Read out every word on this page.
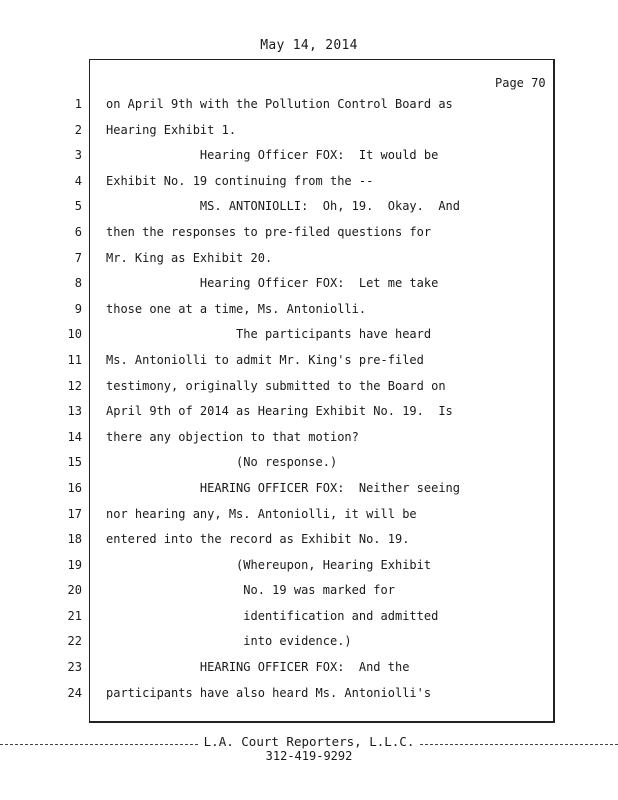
May 14, 2014
Page 70
1
2
3
4
5
6
7
8
9
10
11
12
13
14
15
16
17
18
19
20
21
22
23
24
on April 9th with the Pollution Control Board as
Hearing Exhibit 1.
Hearing Officer FOX:  It would be
Exhibit No. 19 continuing from the --
MS. ANTONIOLLI:  Oh, 19.  Okay.  And
then the responses to pre-filed questions for
Mr. King as Exhibit 20.
Hearing Officer FOX:  Let me take
those one at a time, Ms. Antoniolli.
The participants have heard
Ms. Antoniolli to admit Mr. King's pre-filed
testimony, originally submitted to the Board on
April 9th of 2014 as Hearing Exhibit No. 19.  Is
there any objection to that motion?
(No response.)
HEARING OFFICER FOX:  Neither seeing
nor hearing any, Ms. Antoniolli, it will be
entered into the record as Exhibit No. 19.
(Whereupon, Hearing Exhibit
No. 19 was marked for
identification and admitted
into evidence.)
HEARING OFFICER FOX:  And the
participants have also heard Ms. Antoniolli's
L.A. Court Reporters, L.L.C.
312-419-9292
